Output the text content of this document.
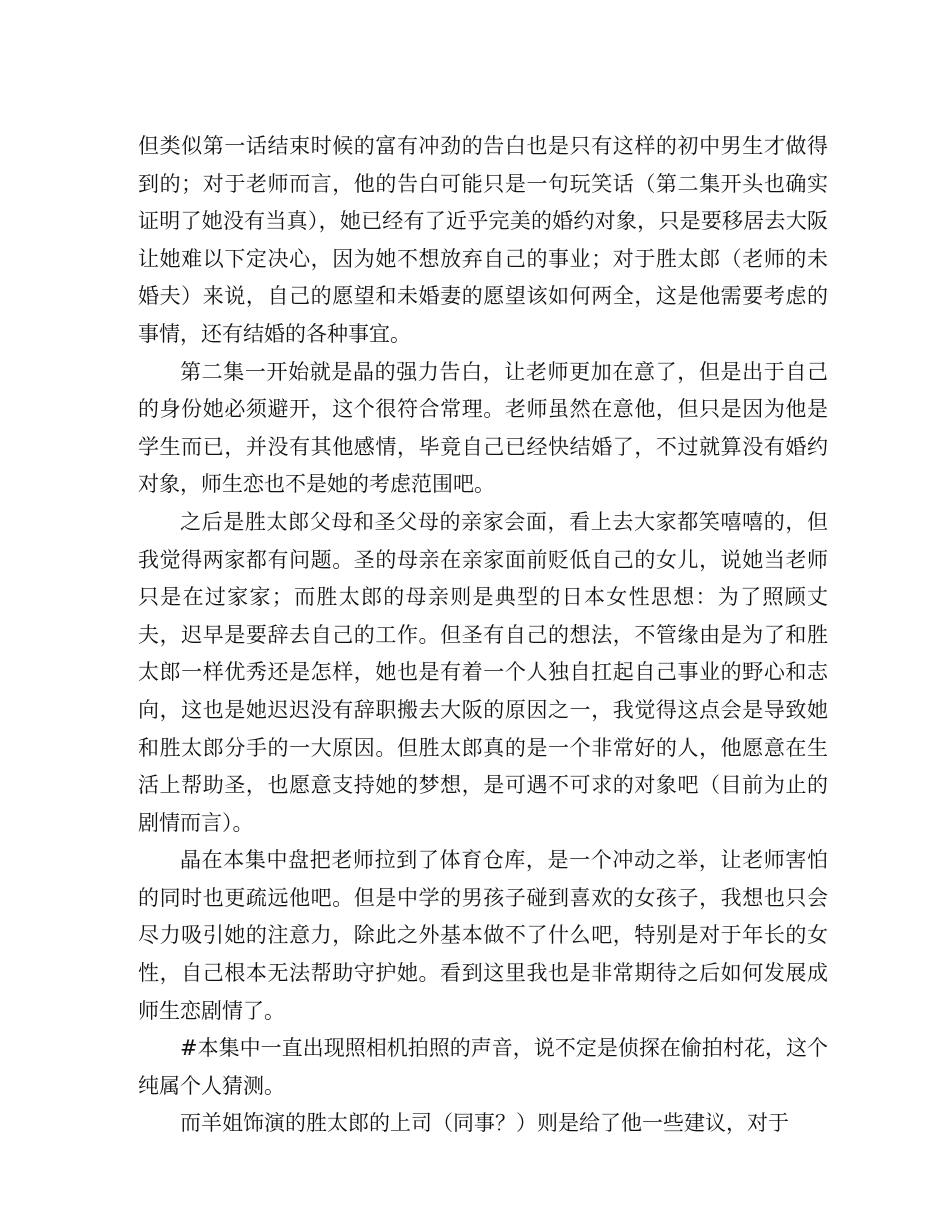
但类似第一话结束时候的富有冲劲的告白也是只有这样的初中男生才做得到的；对于老师而言，他的告白可能只是一句玩笑话（第二集开头也确实证明了她没有当真），她已经有了近乎完美的婚约对象，只是要移居去大阪让她难以下定决心，因为她不想放弃自己的事业；对于胜太郎（老师的未婚夫）来说，自己的愿望和未婚妻的愿望该如何两全，这是他需要考虑的事情，还有结婚的各种事宜。

第二集一开始就是晶的强力告白，让老师更加在意了，但是出于自己的身份她必须避开，这个很符合常理。老师虽然在意他，但只是因为他是学生而已，并没有其他感情，毕竟自己已经快结婚了，不过就算没有婚约对象，师生恋也不是她的考虑范围吧。

之后是胜太郎父母和圣父母的亲家会面，看上去大家都笑嘻嘻的，但我觉得两家都有问题。圣的母亲在亲家面前贬低自己的女儿，说她当老师只是在过家家；而胜太郎的母亲则是典型的日本女性思想：为了照顾丈夫，迟早是要辞去自己的工作。但圣有自己的想法，不管缘由是为了和胜太郎一样优秀还是怎样，她也是有着一个人独自扛起自己事业的野心和志向，这也是她迟迟没有辞职搬去大阪的原因之一，我觉得这点会是导致她和胜太郎分手的一大原因。但胜太郎真的是一个非常好的人，他愿意在生活上帮助圣，也愿意支持她的梦想，是可遇不可求的对象吧（目前为止的剧情而言）。

晶在本集中盘把老师拉到了体育仓库，是一个冲动之举，让老师害怕的同时也更疏远他吧。但是中学的男孩子碰到喜欢的女孩子，我想也只会尽力吸引她的注意力，除此之外基本做不了什么吧，特别是对于年长的女性，自己根本无法帮助守护她。看到这里我也是非常期待之后如何发展成师生恋剧情了。

#本集中一直出现照相机拍照的声音，说不定是侦探在偷拍村花，这个纯属个人猜测。

而羊姐饰演的胜太郎的上司（同事？）则是给了他一些建议，对于
